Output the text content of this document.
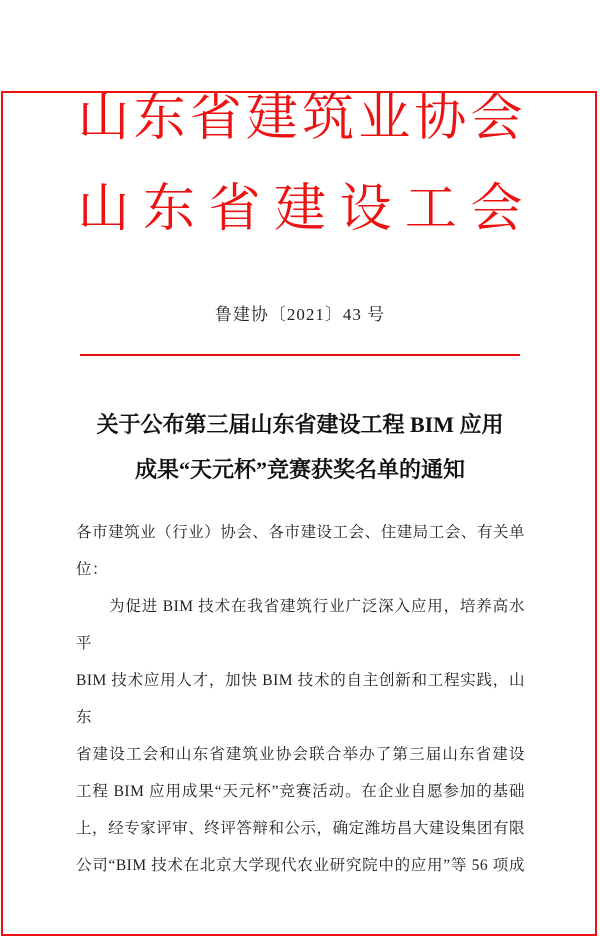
山 东 省 建 筑 业 协 会
山 东 省 建 设 工 会
鲁建协〔2021〕43 号
关于公布第三届山东省建设工程 BIM 应用
成果“天元杯”竞赛获奖名单的通知
各市建筑业（行业）协会、各市建设工会、住建局工会、有关单
位：
为促进 BIM 技术在我省建筑行业广泛深入应用，培养高水平
BIM 技术应用人才，加快 BIM 技术的自主创新和工程实践，山东
省建设工会和山东省建筑业协会联合举办了第三届山东省建设
工程 BIM 应用成果“天元杯”竞赛活动。在企业自愿参加的基础
上，经专家评审、终评答辩和公示，确定潍坊昌大建设集团有限
公司“BIM 技术在北京大学现代农业研究院中的应用”等 56 项成
